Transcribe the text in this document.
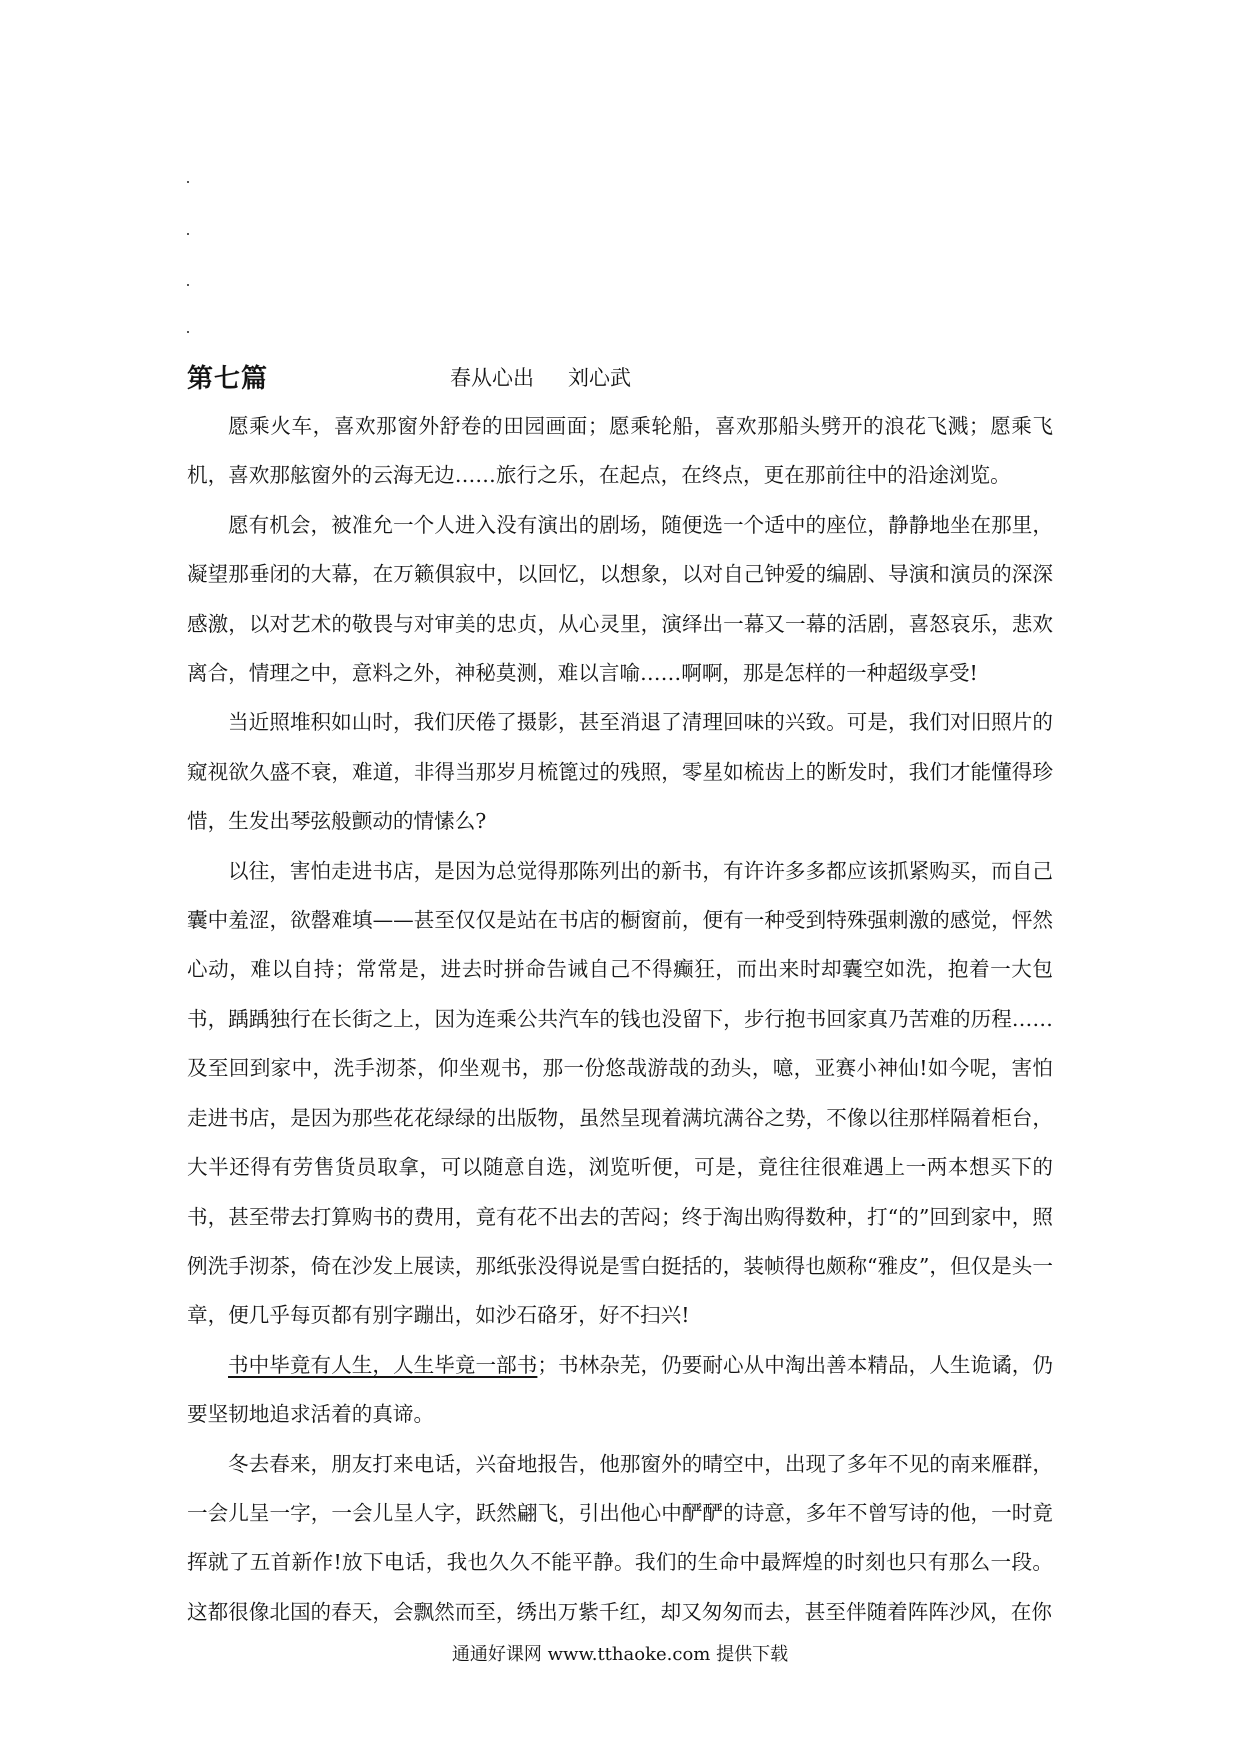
第七篇	春从心出 刘心武

愿乘火车，喜欢那窗外舒卷的田园画面；愿乘轮船，喜欢那船头劈开的浪花飞溅；愿乘飞机，喜欢那舷窗外的云海无边……旅行之乐，在起点，在终点，更在那前往中的沿途浏览。

愿有机会，被准允一个人进入没有演出的剧场，随便选一个适中的座位，静静地坐在那里，凝望那垂闭的大幕，在万籁俱寂中，以回忆，以想象，以对自己钟爱的编剧、导演和演员的深深感激，以对艺术的敬畏与对审美的忠贞，从心灵里，演绎出一幕又一幕的活剧，喜怒哀乐，悲欢离合，情理之中，意料之外，神秘莫测，难以言喻……啊啊，那是怎样的一种超级享受!

当近照堆积如山时，我们厌倦了摄影，甚至消退了清理回味的兴致。可是，我们对旧照片的窥视欲久盛不衰，难道，非得当那岁月梳篦过的残照，零星如梳齿上的断发时，我们才能懂得珍惜，生发出琴弦般颤动的情愫么?

以往，害怕走进书店，是因为总觉得那陈列出的新书，有许许多多都应该抓紧购买，而自己囊中羞涩，欲罄难填——甚至仅仅是站在书店的橱窗前，便有一种受到特殊强刺激的感觉，怦然心动，难以自持；常常是，进去时拼命告诫自己不得癫狂，而出来时却囊空如洗，抱着一大包书，踽踽独行在长街之上，因为连乘公共汽车的钱也没留下，步行抱书回家真乃苦难的历程……及至回到家中，洗手沏茶，仰坐观书，那一份悠哉游哉的劲头，噫，亚赛小神仙!如今呢，害怕走进书店，是因为那些花花绿绿的出版物，虽然呈现着满坑满谷之势，不像以往那样隔着柜台，大半还得有劳售货员取拿，可以随意自选，浏览听便，可是，竟往往很难遇上一两本想买下的书，甚至带去打算购书的费用，竟有花不出去的苦闷；终于淘出购得数种，打“的”回到家中，照例洗手沏茶，倚在沙发上展读，那纸张没得说是雪白挺括的，装帧得也颇称“雅皮”，但仅是头一章，便几乎每页都有别字蹦出，如沙石硌牙，好不扫兴!

书中毕竟有人生，人生毕竟一部书；书林杂芜，仍要耐心从中淘出善本精品，人生诡谲，仍要坚韧地追求活着的真谛。

冬去春来，朋友打来电话，兴奋地报告，他那窗外的晴空中，出现了多年不见的南来雁群，一会儿呈一字，一会儿呈人字，跃然翩飞，引出他心中酽酽的诗意，多年不曾写诗的他，一时竟挥就了五首新作!放下电话，我也久久不能平静。我们的生命中最辉煌的时刻也只有那么一段。这都很像北国的春天，会飘然而至，绣出万紫千红，却又匆匆而去，甚至伴随着阵阵沙风，在你

通通好课网 www.tthaoke.com 提供下载
